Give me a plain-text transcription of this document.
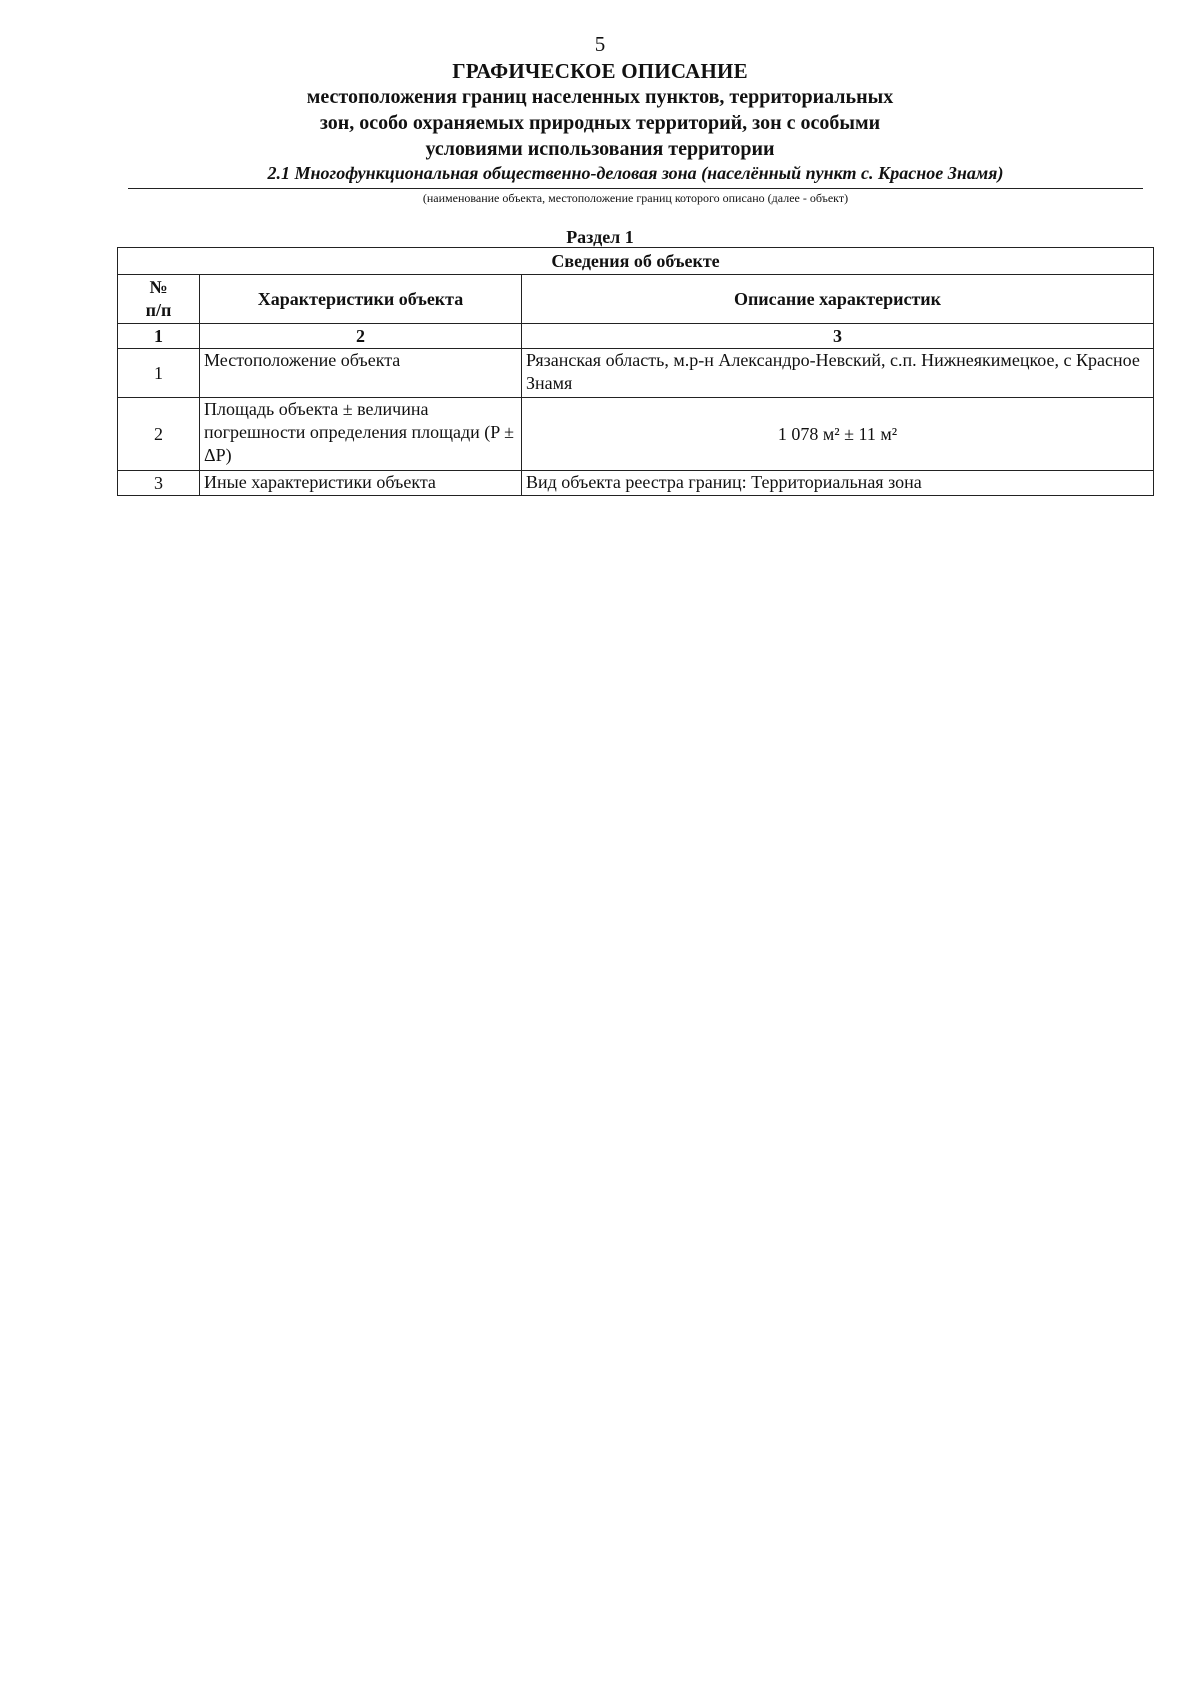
5
ГРАФИЧЕСКОЕ ОПИСАНИЕ
местоположения границ населенных пунктов, территориальных
зон, особо охраняемых природных территорий, зон с особыми
условиями использования территории
2.1 Многофункциональная общественно-деловая зона (населённый пункт с. Красное Знамя)
(наименование объекта, местоположение границ которого описано (далее - объект)
Раздел 1
Сведения об объекте		

№
п/п	Характеристики объекта	Описание характеристик
1	2	3
1	Местоположение объекта	Рязанская область, м.р-н Александро-Невский, с.п. Нижнеякимецкое, с Красное Знамя
2	Площадь объекта ± величина погрешности определения площади (P ± ΔP)	1 078 м² ± 11 м²
3	Иные характеристики объекта	Вид объекта реестра границ: Территориальная зона
